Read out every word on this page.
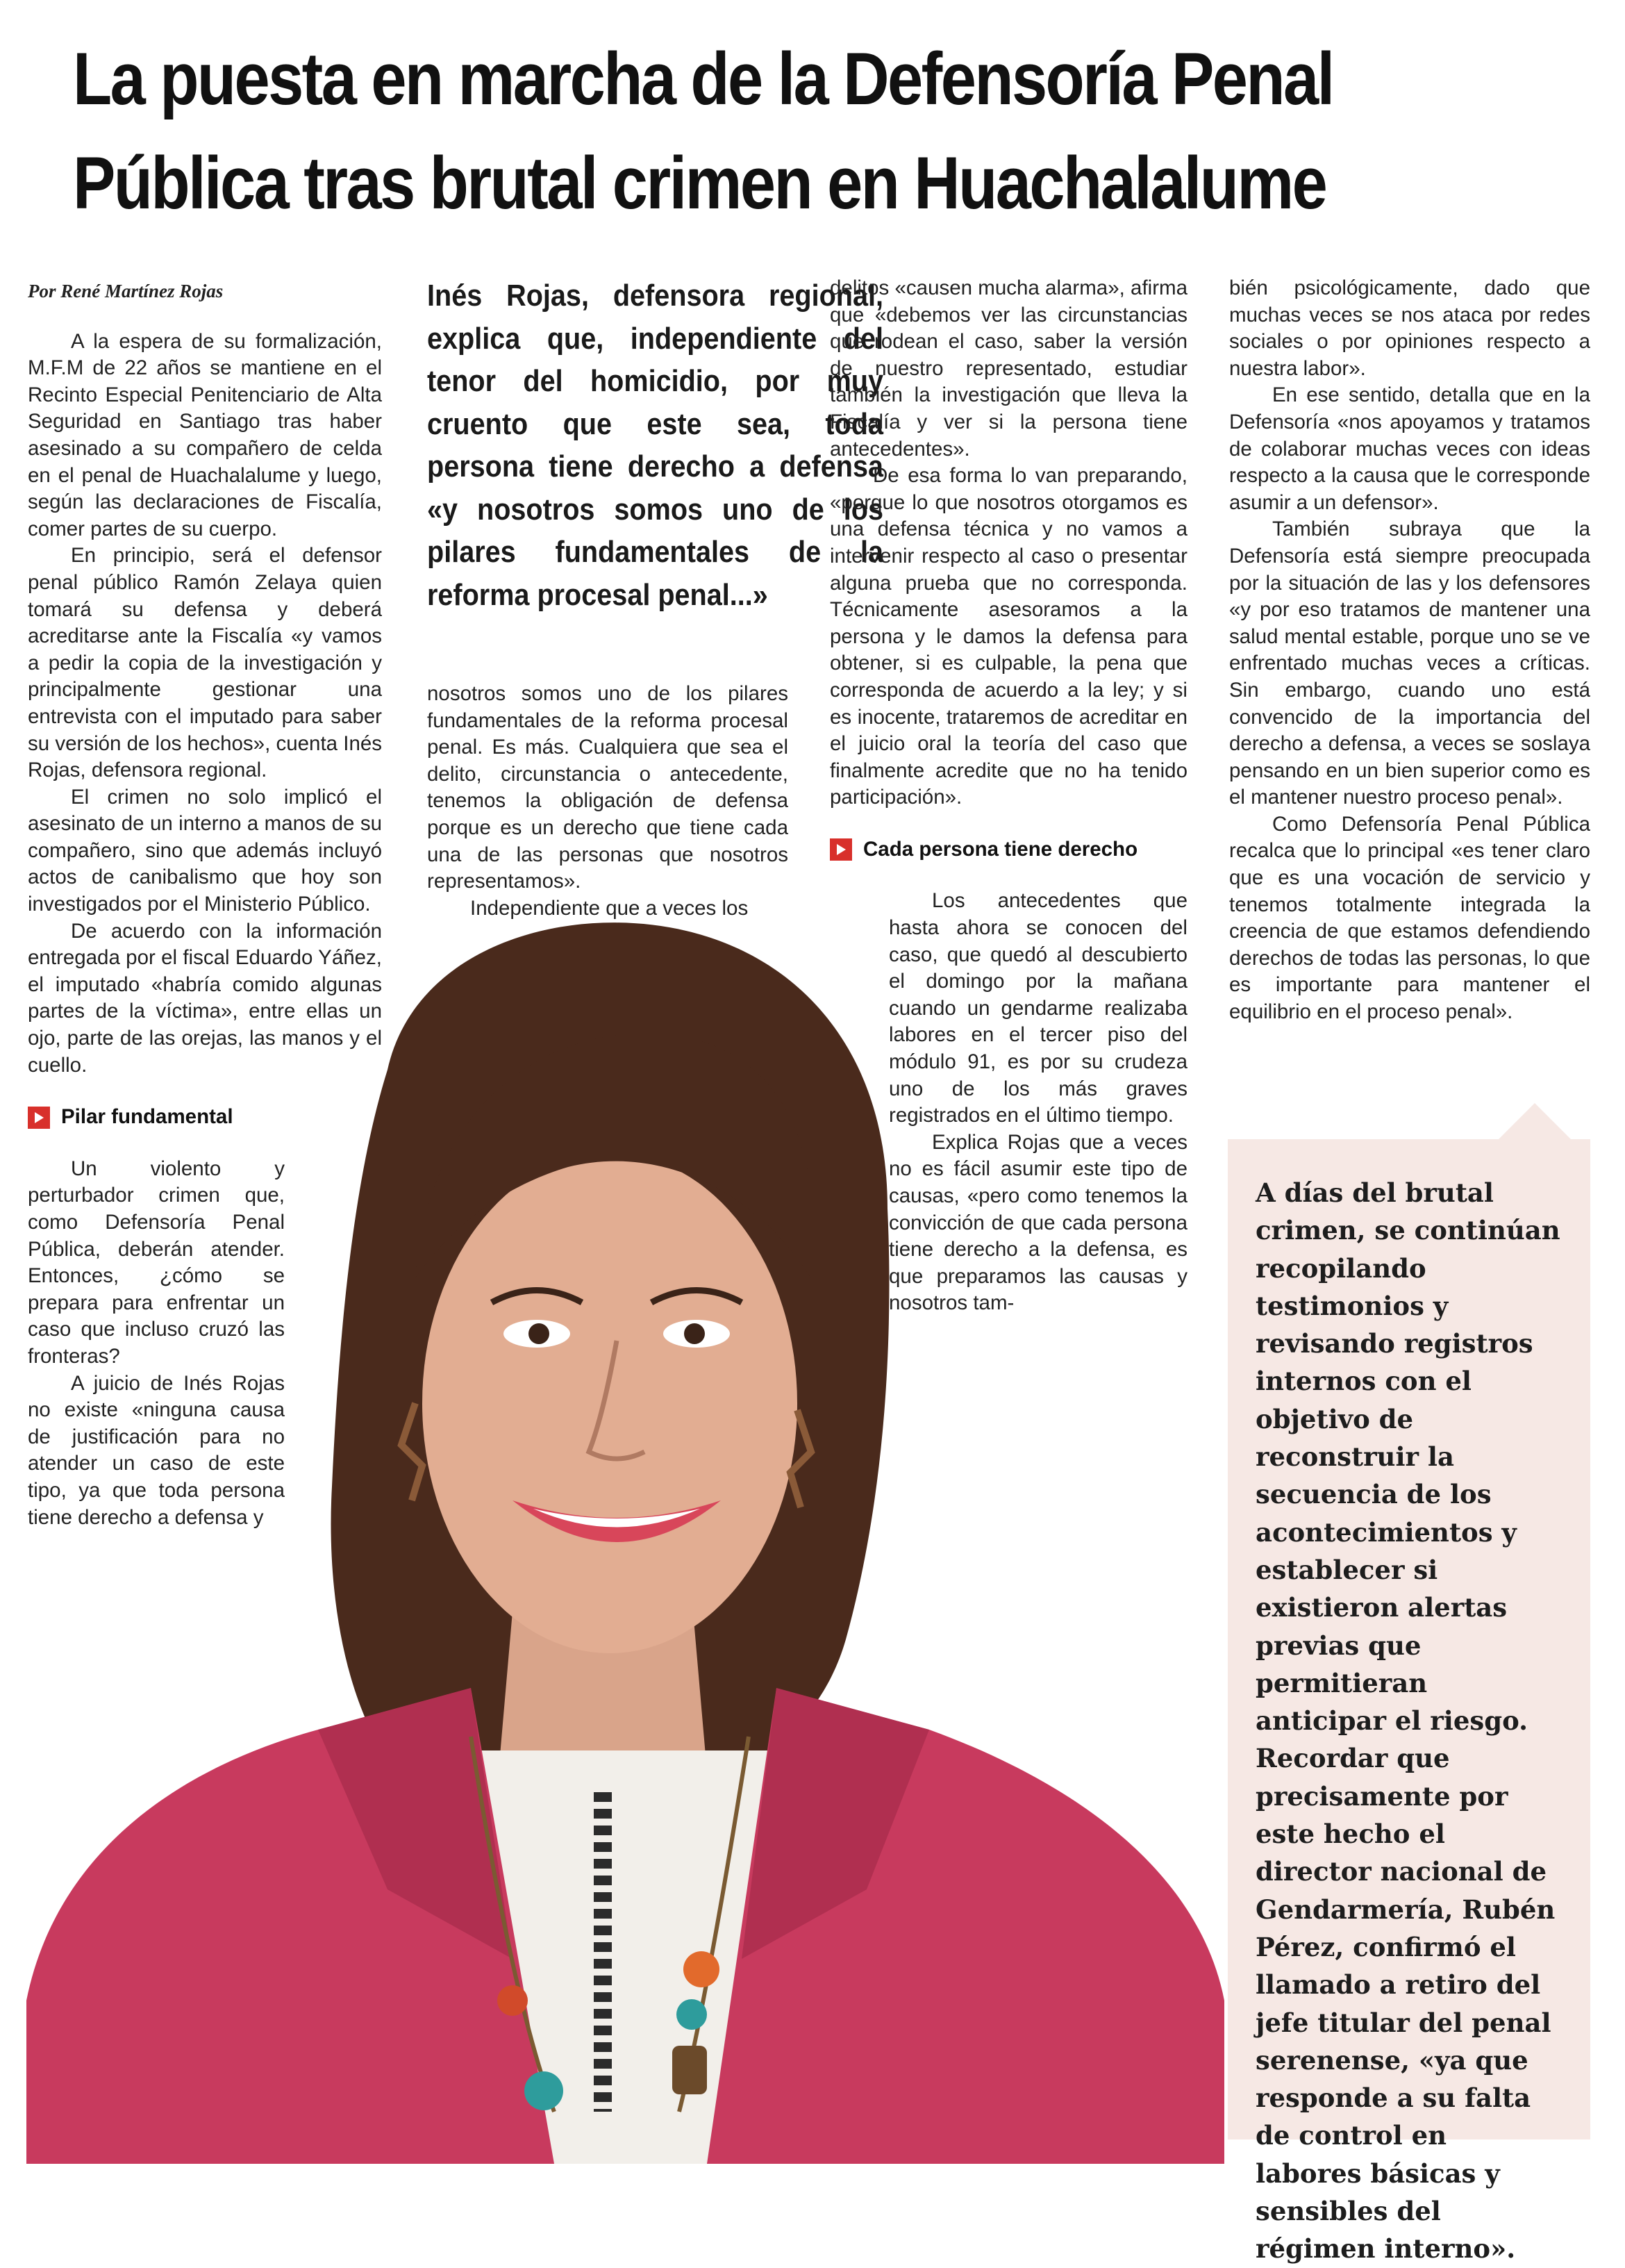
La puesta en marcha de la Defensoría Penal
Pública tras brutal crimen en Huachalalume
Por René Martínez Rojas

A la espera de su formalización, M.F.M de 22 años se mantiene en el Recinto Especial Penitenciario de Alta Seguridad en Santiago tras haber asesinado a su compañero de celda en el penal de Huachalalume y luego, según las declaraciones de Fiscalía, comer partes de su cuerpo.

En principio, será el defensor penal público Ramón Zelaya quien tomará su defensa y deberá acreditarse ante la Fiscalía «y vamos a pedir la copia de la investigación y principalmente gestionar una entrevista con el imputado para saber su versión de los hechos», cuenta Inés Rojas, defensora regional.

El crimen no solo implicó el asesinato de un interno a manos de su compañero, sino que además incluyó actos de canibalismo que hoy son investigados por el Ministerio Público.

De acuerdo con la información entregada por el fiscal Eduardo Yáñez, el imputado «habría comido algunas partes de la víctima», entre ellas un ojo, parte de las orejas, las manos y el cuello.

Pilar fundamental

Un violento y perturbador crimen que, como Defensoría Penal Pública, deberán atender. Entonces, ¿cómo se prepara para enfrentar un caso que incluso cruzó las fronteras?

A juicio de Inés Rojas no existe «ninguna causa de justificación para no atender un caso de este tipo, ya que toda persona tiene derecho a defensa y

Inés Rojas, defensora regional, explica que, independiente del tenor del homicidio, por muy cruento que este sea, toda persona tiene derecho a defensa «y nosotros somos uno de los pilares fundamentales de la reforma procesal penal...»

nosotros somos uno de los pilares fundamentales de la reforma procesal penal. Es más. Cualquiera que sea el delito, circunstancia o antecedente, tenemos la obligación de defensa porque es un derecho que tiene cada una de las personas que nosotros representamos».

Independiente que a veces los

delitos «causen mucha alarma», afirma que «debemos ver las circunstancias que rodean el caso, saber la versión de nuestro representado, estudiar también la investigación que lleva la Fiscalía y ver si la persona tiene antecedentes».

De esa forma lo van preparando, «porque lo que nosotros otorgamos es una defensa técnica y no vamos a intervenir respecto al caso o presentar alguna prueba que no corresponda. Técnicamente asesoramos a la persona y le damos la defensa para obtener, si es culpable, la pena que corresponda de acuerdo a la ley; y si es inocente, trataremos de acreditar en el juicio oral la teoría del caso que finalmente acredite que no ha tenido participación».

Cada persona tiene derecho

Los antecedentes que hasta ahora se conocen del caso, que quedó al descubierto el domingo por la mañana cuando un gendarme realizaba labores en el tercer piso del módulo 91, es por su crudeza uno de los más graves registrados en el último tiempo.

Explica Rojas que a veces no es fácil asumir este tipo de causas, «pero como tenemos la convicción de que cada persona tiene derecho a la defensa, es que preparamos las causas y nosotros tam-

bién psicológicamente, dado que muchas veces se nos ataca por redes sociales o por opiniones respecto a nuestra labor».

En ese sentido, detalla que en la Defensoría «nos apoyamos y tratamos de colaborar muchas veces con ideas respecto a la causa que le corresponde asumir a un defensor».

También subraya que la Defensoría está siempre preocupada por la situación de las y los defensores «y por eso tratamos de mantener una salud mental estable, porque uno se ve enfrentado muchas veces a críticas. Sin embargo, cuando uno está convencido de la importancia del derecho a defensa, a veces se soslaya pensando en un bien superior como es el mantener nuestro proceso penal».

Como Defensoría Penal Pública recalca que lo principal «es tener claro que es una vocación de servicio y tenemos totalmente integrada la creencia de que estamos defendiendo derechos de todas las personas, lo que es importante para mantener el equilibrio en el proceso penal».

A días del brutal crimen, se continúan recopilando testimonios y revisando registros internos con el objetivo de reconstruir la secuencia de los acontecimientos y establecer si existieron alertas previas que permitieran anticipar el riesgo. Recordar que precisamente por este hecho el director nacional de Gendarmería, Rubén Pérez, confirmó el llamado a retiro del jefe titular del penal serenense, «ya que responde a su falta de control en labores básicas y sensibles del régimen interno».
